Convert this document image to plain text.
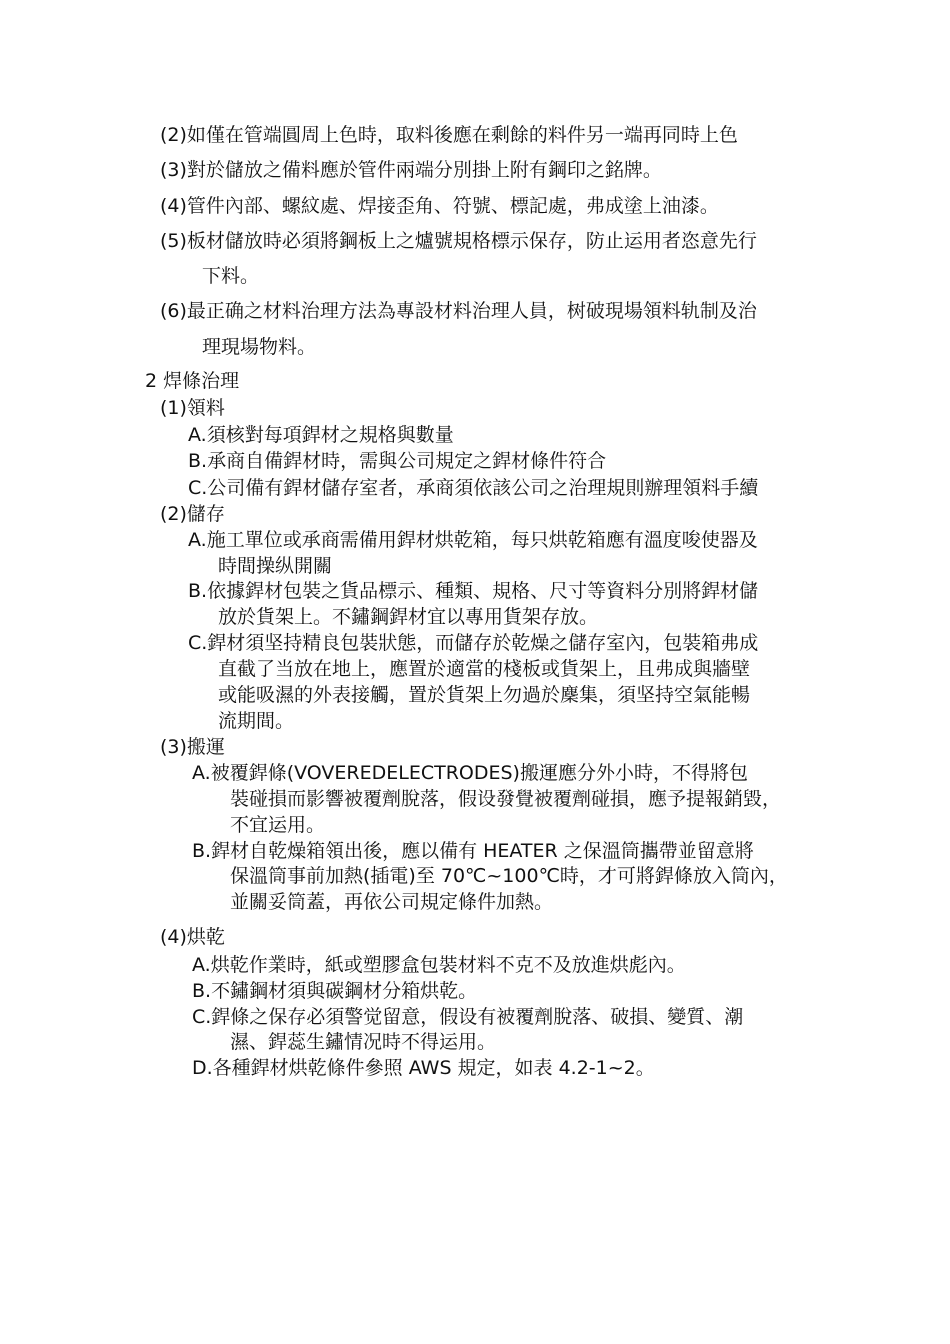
(2)如僅在管端圓周上色時，取料後應在剩餘的料件另一端再同時上色
(3)對於儲放之備料應於管件兩端分別掛上附有鋼印之銘牌。
(4)管件內部、螺紋處、焊接歪角、符號、標記處，弗成塗上油漆。
(5)板材儲放時必須將鋼板上之爐號規格標示保存，防止运用者恣意先行
下料。
(6)最正确之材料治理方法為專設材料治理人員，树破現場領料轨制及治
理現場物料。
2 焊條治理
(1)領料
A.須核對每項銲材之規格與數量
B.承商自備銲材時，需與公司規定之銲材條件符合
C.公司備有銲材儲存室者，承商須依該公司之治理規則辦理領料手續
(2)儲存
A.施工單位或承商需備用銲材烘乾箱，每只烘乾箱應有溫度唆使器及
時間操纵開關
B.依據銲材包裝之貨品標示、種類、規格、尺寸等資料分別將銲材儲
放於貨架上。不鏽鋼銲材宜以專用貨架存放。
C.銲材須坚持精良包裝狀態，而儲存於乾燥之儲存室內，包裝箱弗成
直截了当放在地上，應置於適當的棧板或貨架上，且弗成與牆壁
或能吸濕的外表接觸，置於貨架上勿過於麇集，須坚持空氣能暢
流期間。
(3)搬運
A.被覆銲條(VOVEREDELECTRODES)搬運應分外小時，不得將包
裝碰損而影響被覆劑脫落，假设發覺被覆劑碰損，應予提報銷毀，
不宜运用。
B.銲材自乾燥箱領出後，應以備有 HEATER 之保溫筒攜帶並留意將
保溫筒事前加熱(插電)至 70℃~100℃時，才可將銲條放入筒內，
並關妥筒蓋，再依公司規定條件加熱。
(4)烘乾
A.烘乾作業時，紙或塑膠盒包裝材料不克不及放進烘彪內。
B.不鏽鋼材須與碳鋼材分箱烘乾。
C.銲條之保存必須警觉留意，假设有被覆劑脫落、破損、變質、潮
濕、銲蕊生鏽情况時不得运用。
D.各種銲材烘乾條件參照 AWS 規定，如表 4.2-1~2。
